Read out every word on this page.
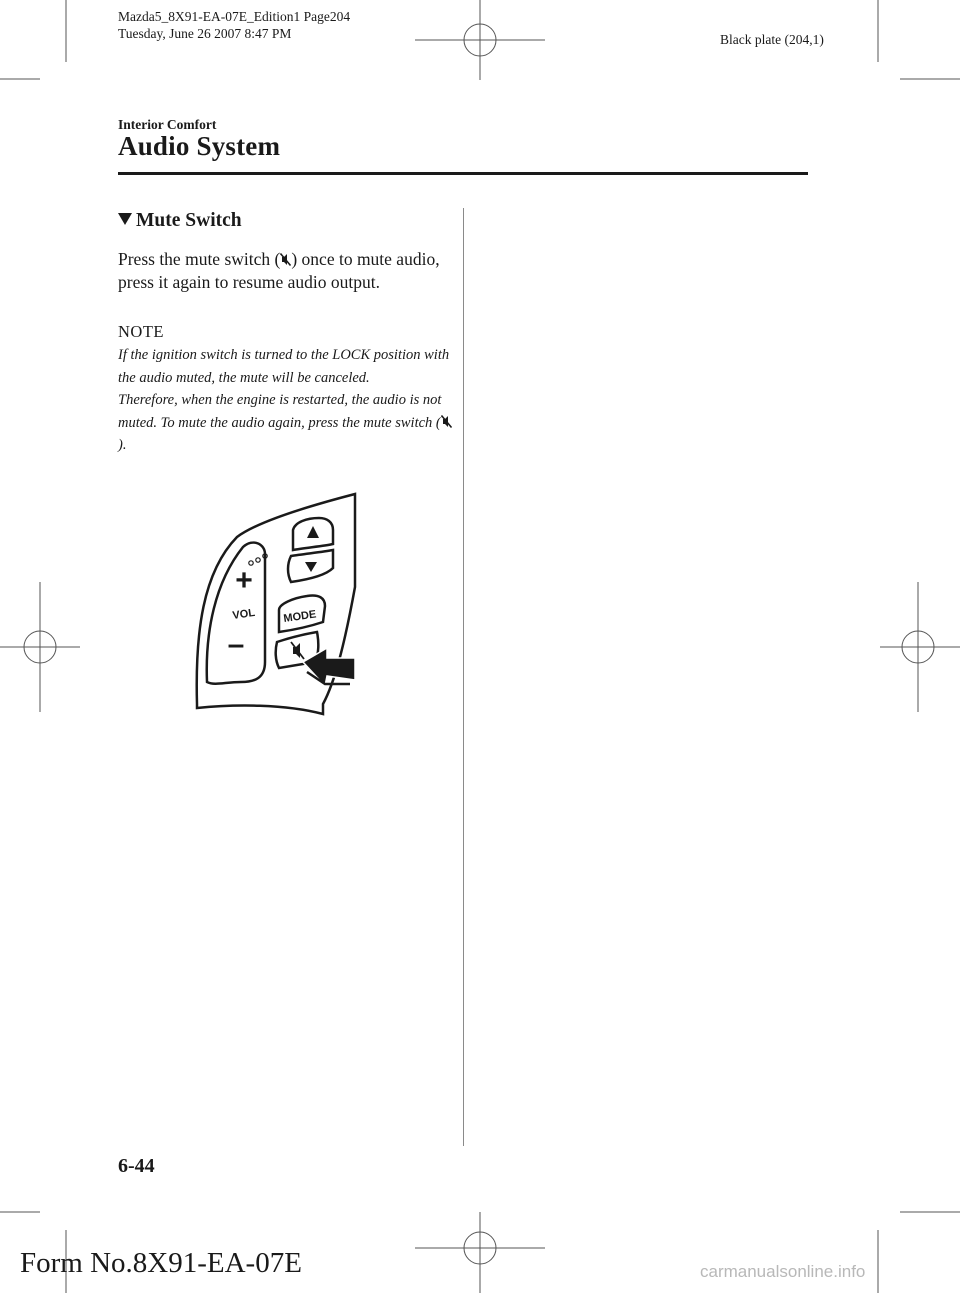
Mazda5_8X91-EA-07E_Edition1 Page204
Tuesday, June 26 2007 8:47 PM	Black plate (204,1)
Interior Comfort
Audio System
Mute Switch
Press the mute switch ( ) once to mute audio, press it again to resume audio output.
NOTE
If the ignition switch is turned to the LOCK position with the audio muted, the mute will be canceled.
Therefore, when the engine is restarted, the audio is not muted. To mute the audio again, press the mute switch ().
+
VOL
–
MODE
6-44
Form No.8X91-EA-07E	carmanualsonline.info
